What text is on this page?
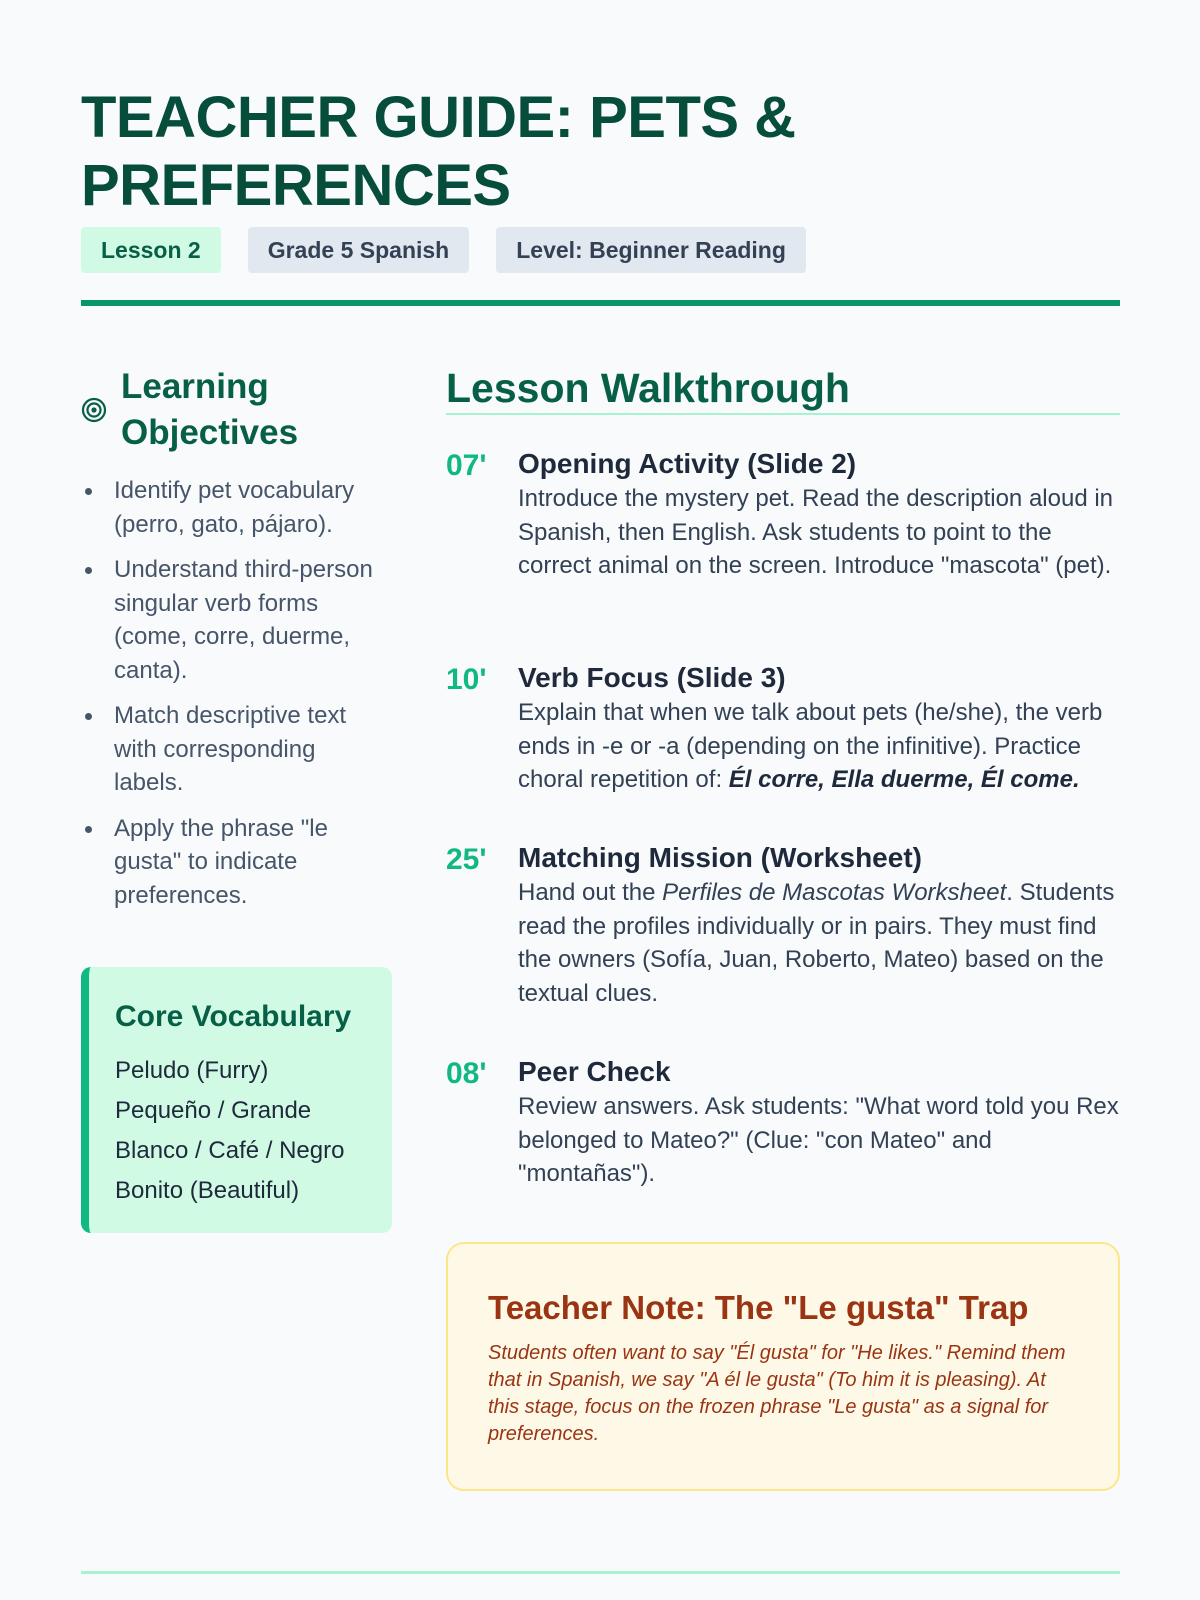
TEACHER GUIDE: PETS & PREFERENCES
Lesson 2	Grade 5 Spanish	Level: Beginner Reading
Learning Objectives
Identify pet vocabulary (perro, gato, pájaro).
Understand third-person singular verb forms (come, corre, duerme, canta).
Match descriptive text with corresponding labels.
Apply the phrase "le gusta" to indicate preferences.
Core Vocabulary
Peludo (Furry)
Pequeño / Grande
Blanco / Café / Negro
Bonito (Beautiful)
Lesson Walkthrough
07' Opening Activity (Slide 2)
Introduce the mystery pet. Read the description aloud in Spanish, then English. Ask students to point to the correct animal on the screen. Introduce "mascota" (pet).
10' Verb Focus (Slide 3)
Explain that when we talk about pets (he/she), the verb ends in -e or -a (depending on the infinitive). Practice choral repetition of: Él corre, Ella duerme, Él come.
25' Matching Mission (Worksheet)
Hand out the Perfiles de Mascotas Worksheet. Students read the profiles individually or in pairs. They must find the owners (Sofía, Juan, Roberto, Mateo) based on the textual clues.
08' Peer Check
Review answers. Ask students: "What word told you Rex belonged to Mateo?" (Clue: "con Mateo" and "montañas").
Teacher Note: The "Le gusta" Trap
Students often want to say "Él gusta" for "He likes." Remind them that in Spanish, we say "A él le gusta" (To him it is pleasing). At this stage, focus on the frozen phrase "Le gusta" as a signal for preferences.
